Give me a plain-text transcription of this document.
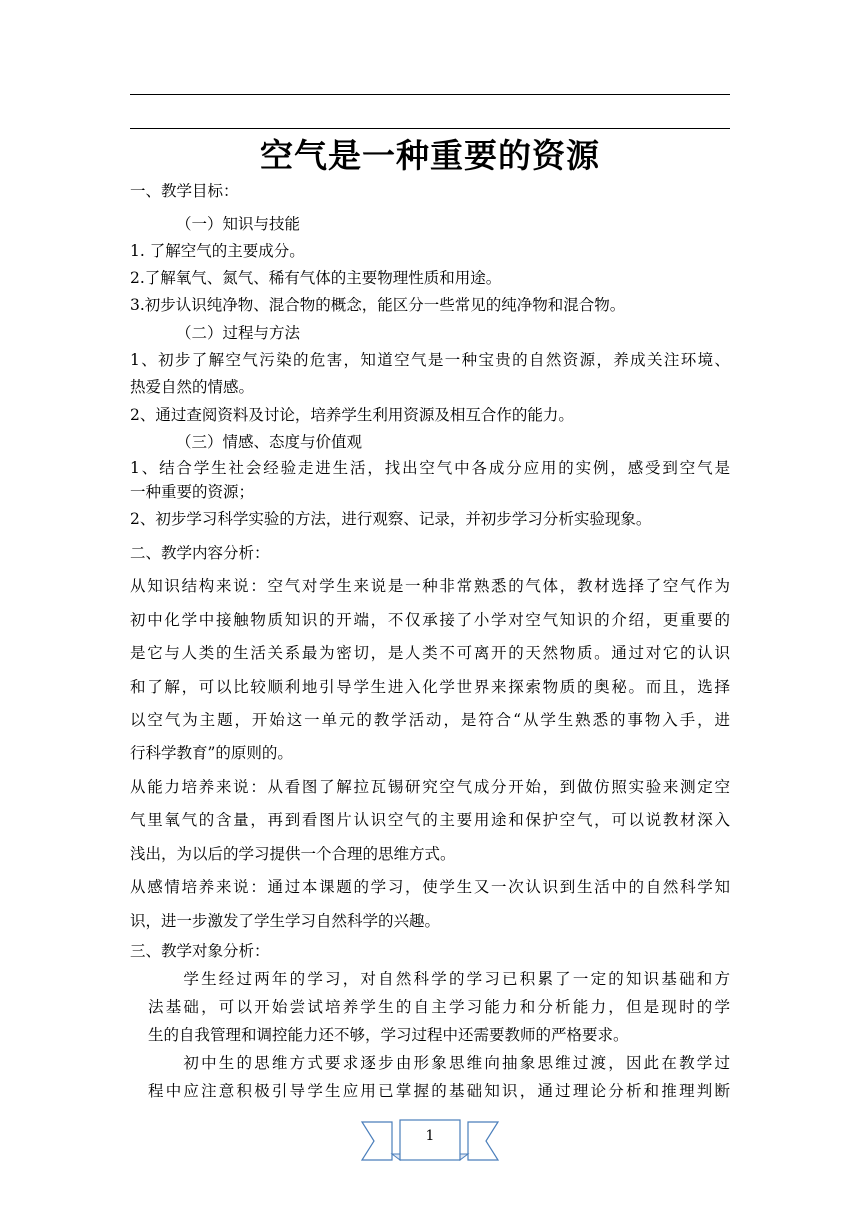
空气是一种重要的资源
一、教学目标：
（一）知识与技能
1. 了解空气的主要成分。
2.了解氧气、氮气、稀有气体的主要物理性质和用途。
3.初步认识纯净物、混合物的概念，能区分一些常见的纯净物和混合物。
（二）过程与方法
1、初步了解空气污染的危害，知道空气是一种宝贵的自然资源，养成关注环境、
热爱自然的情感。
2、通过查阅资料及讨论，培养学生利用资源及相互合作的能力。
（三）情感、态度与价值观
1、结合学生社会经验走进生活，找出空气中各成分应用的实例，感受到空气是
一种重要的资源；
2、初步学习科学实验的方法，进行观察、记录，并初步学习分析实验现象。
二、教学内容分析：
从知识结构来说：空气对学生来说是一种非常熟悉的气体，教材选择了空气作为
初中化学中接触物质知识的开端，不仅承接了小学对空气知识的介绍，更重要的
是它与人类的生活关系最为密切，是人类不可离开的天然物质。通过对它的认识
和了解，可以比较顺利地引导学生进入化学世界来探索物质的奥秘。而且，选择
以空气为主题，开始这一单元的教学活动，是符合“从学生熟悉的事物入手，进
行科学教育”的原则的。
从能力培养来说：从看图了解拉瓦锡研究空气成分开始，到做仿照实验来测定空
气里氧气的含量，再到看图片认识空气的主要用途和保护空气，可以说教材深入
浅出，为以后的学习提供一个合理的思维方式。
从感情培养来说：通过本课题的学习，使学生又一次认识到生活中的自然科学知
识，进一步激发了学生学习自然科学的兴趣。
三、教学对象分析：
　　学生经过两年的学习，对自然科学的学习已积累了一定的知识基础和方
法基础，可以开始尝试培养学生的自主学习能力和分析能力，但是现时的学
生的自我管理和调控能力还不够，学习过程中还需要教师的严格要求。
　　初中生的思维方式要求逐步由形象思维向抽象思维过渡，因此在教学过
程中应注意积极引导学生应用已掌握的基础知识，通过理论分析和推理判断
1
